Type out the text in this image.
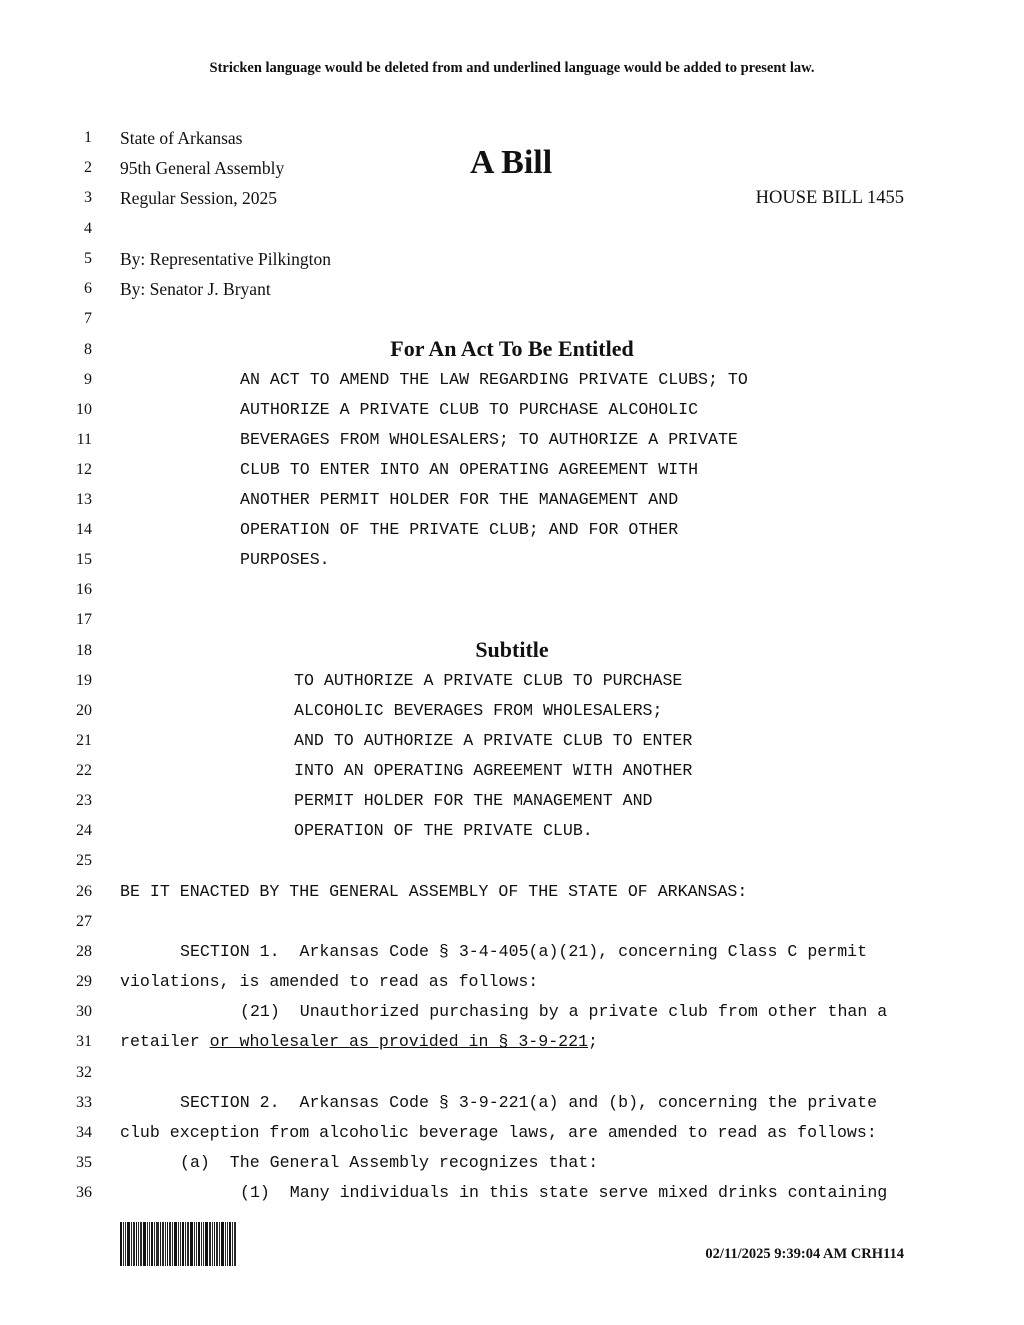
Stricken language would be deleted from and underlined language would be added to present law.
1
2
3
4
5
6
7
8
9
10
11
12
13
14
15
16
17
18
19
20
21
22
23
24
25
26
27
28
29
30
31
32
33
34
35
36
State of Arkansas
95th General Assembly
Regular Session, 2025
A Bill
HOUSE BILL 1455
By: Representative Pilkington
By: Senator J. Bryant
For An Act To Be Entitled
AN ACT TO AMEND THE LAW REGARDING PRIVATE CLUBS; TO
AUTHORIZE A PRIVATE CLUB TO PURCHASE ALCOHOLIC
BEVERAGES FROM WHOLESALERS; TO AUTHORIZE A PRIVATE
CLUB TO ENTER INTO AN OPERATING AGREEMENT WITH
ANOTHER PERMIT HOLDER FOR THE MANAGEMENT AND
OPERATION OF THE PRIVATE CLUB; AND FOR OTHER
PURPOSES.
Subtitle
TO AUTHORIZE A PRIVATE CLUB TO PURCHASE
ALCOHOLIC BEVERAGES FROM WHOLESALERS;
AND TO AUTHORIZE A PRIVATE CLUB TO ENTER
INTO AN OPERATING AGREEMENT WITH ANOTHER
PERMIT HOLDER FOR THE MANAGEMENT AND
OPERATION OF THE PRIVATE CLUB.
BE IT ENACTED BY THE GENERAL ASSEMBLY OF THE STATE OF ARKANSAS:
SECTION 1.  Arkansas Code § 3-4-405(a)(21), concerning Class C permit
violations, is amended to read as follows:
(21)  Unauthorized purchasing by a private club from other than a
retailer or wholesaler as provided in § 3-9-221;
SECTION 2.  Arkansas Code § 3-9-221(a) and (b), concerning the private
club exception from alcoholic beverage laws, are amended to read as follows:
(a)  The General Assembly recognizes that:
(1)  Many individuals in this state serve mixed drinks containing
02/11/2025 9:39:04 AM CRH114
